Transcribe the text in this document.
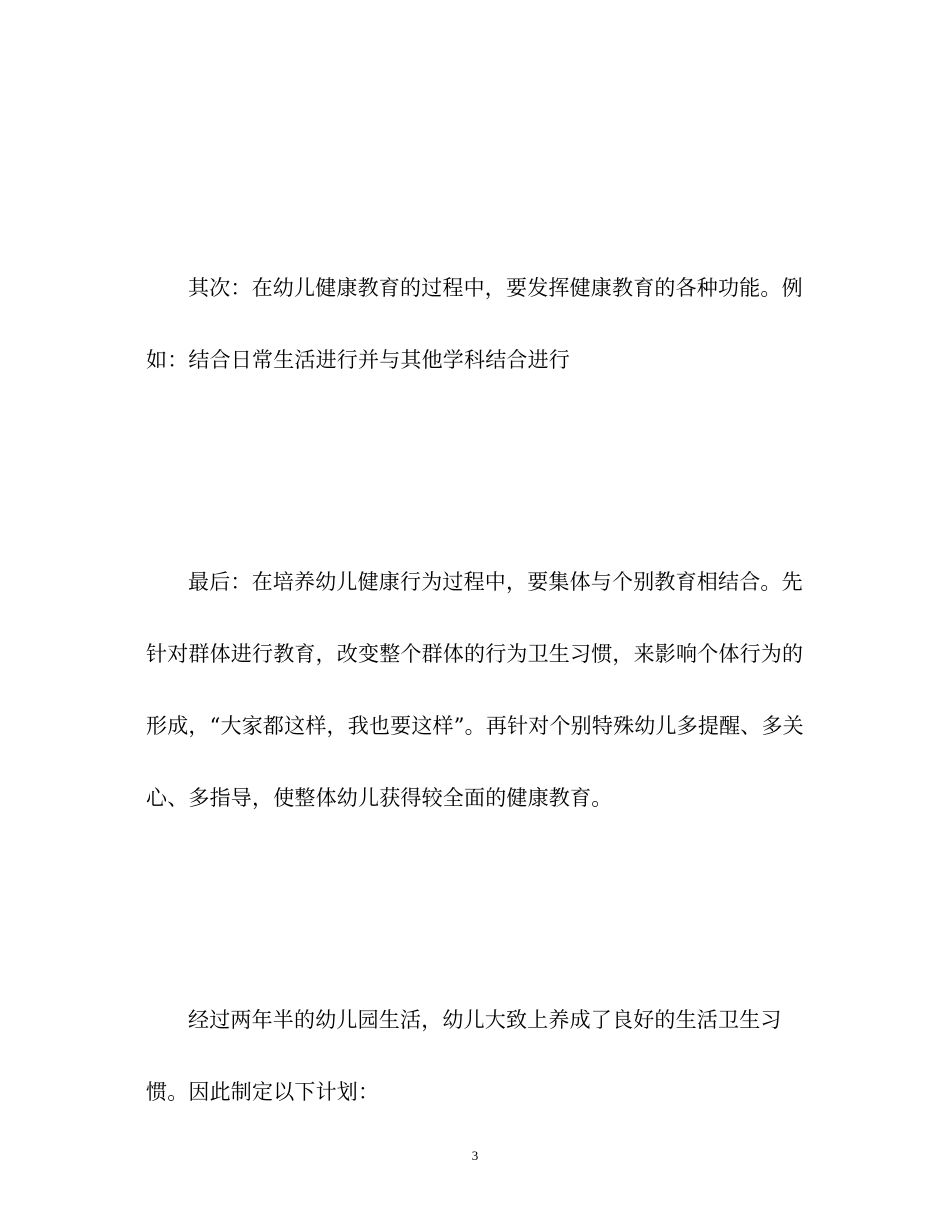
其次：在幼儿健康教育的过程中，要发挥健康教育的各种功能。例如：结合日常生活进行并与其他学科结合进行

最后：在培养幼儿健康行为过程中，要集体与个别教育相结合。先针对群体进行教育，改变整个群体的行为卫生习惯，来影响个体行为的形成，“大家都这样，我也要这样”。再针对个别特殊幼儿多提醒、多关心、多指导，使整体幼儿获得较全面的健康教育。

经过两年半的幼儿园生活，幼儿大致上养成了良好的生活卫生习惯。因此制定以下计划：

3
